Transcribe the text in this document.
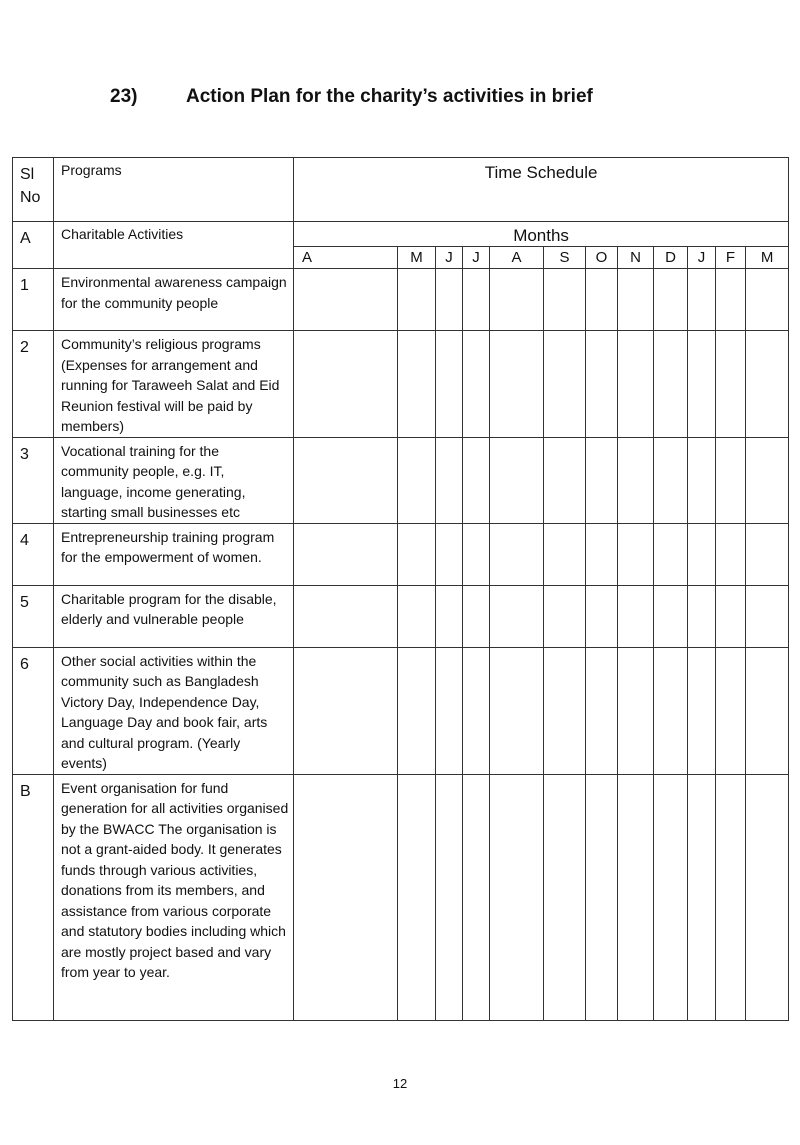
23)	Action Plan for the charity’s activities in brief
Sl No	Programs	Time Schedule											
A	Charitable Activities	Months											
		A	M	J	J	A	S	O	N	D	J	F	M
1	Environmental awareness campaign for the community people												
2	Community’s religious programs (Expenses for arrangement and running for Taraweeh Salat and Eid Reunion festival will be paid by members)												
3	Vocational training for the community people, e.g. IT, language, income generating, starting small businesses etc												
4	Entrepreneurship training program for the empowerment of women.												
5	Charitable program for the disable, elderly and vulnerable people												
6	Other social activities within the community such as Bangladesh Victory Day, Independence Day, Language Day and book fair, arts and cultural program. (Yearly events)												
B	Event organisation for fund generation for all activities organised by the BWACC The organisation is not a grant-aided body. It generates funds through various activities, donations from its members, and assistance from various corporate and statutory bodies including which are mostly project based and vary from year to year.												
12
